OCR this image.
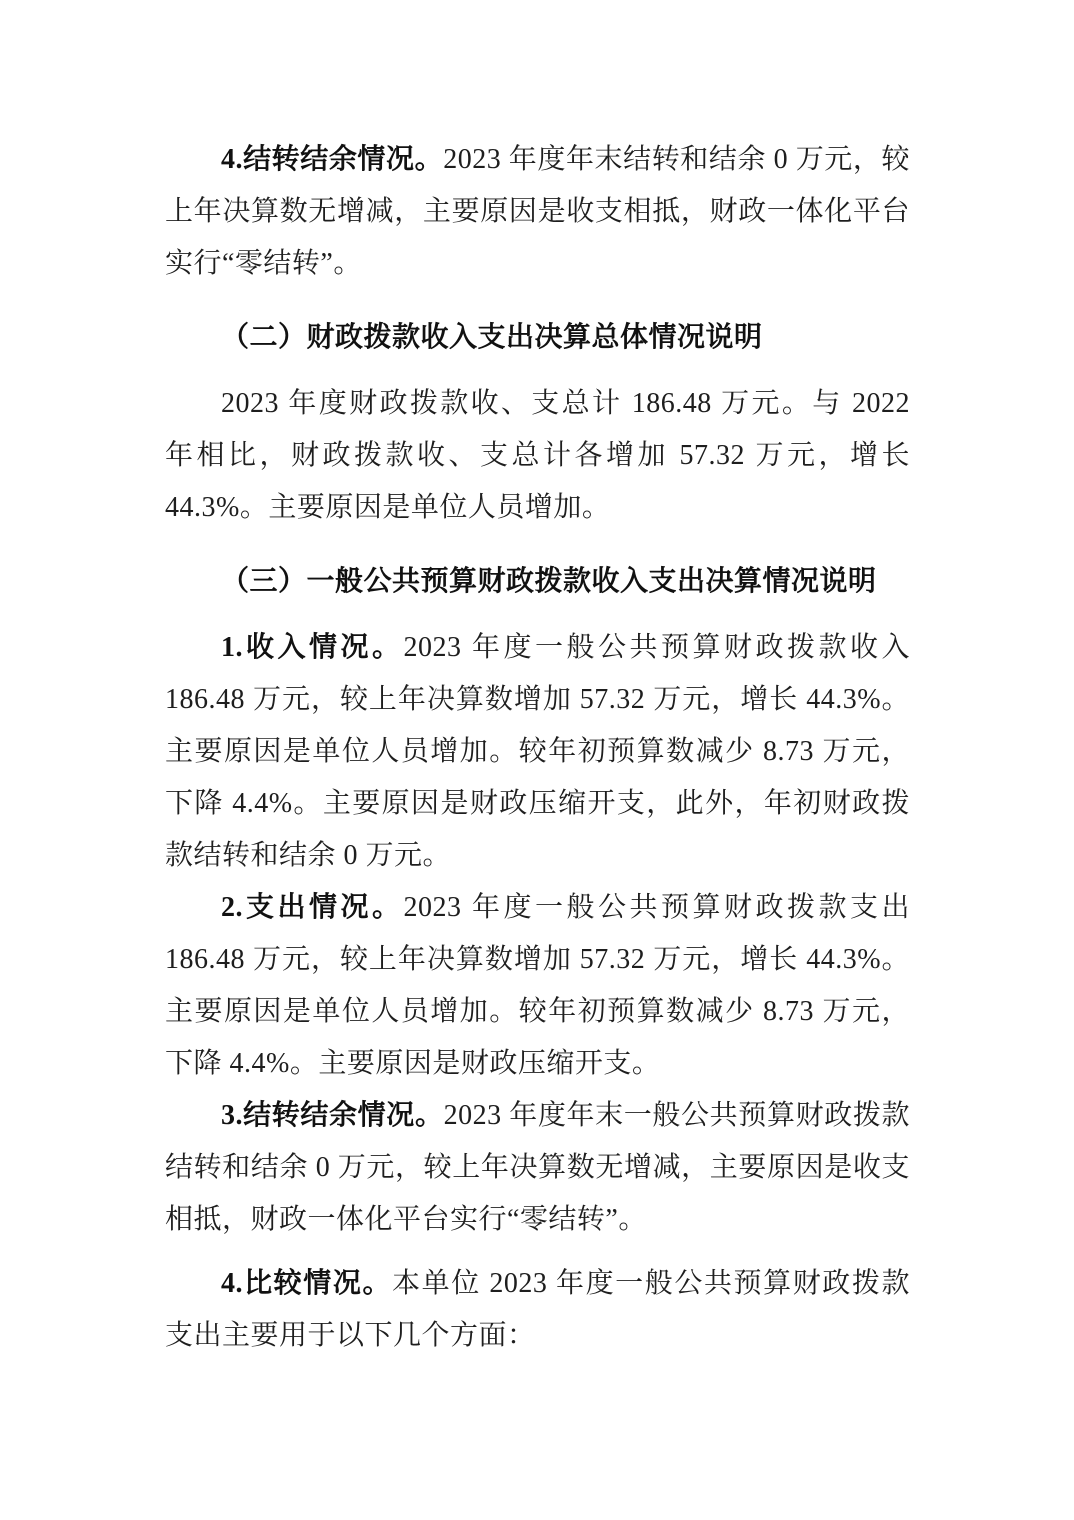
4.结转结余情况。2023 年度年末结转和结余 0 万元，较上年决算数无增减，主要原因是收支相抵，财政一体化平台实行“零结转”。

（二）财政拨款收入支出决算总体情况说明

2023 年度财政拨款收、支总计 186.48 万元。与 2022 年相比，财政拨款收、支总计各增加 57.32 万元，增长 44.3%。主要原因是单位人员增加。

（三）一般公共预算财政拨款收入支出决算情况说明

1.收入情况。2023 年度一般公共预算财政拨款收入 186.48 万元，较上年决算数增加 57.32 万元，增长 44.3%。主要原因是单位人员增加。较年初预算数减少 8.73 万元，下降 4.4%。主要原因是财政压缩开支，此外，年初财政拨款结转和结余 0 万元。

2.支出情况。2023 年度一般公共预算财政拨款支出 186.48 万元，较上年决算数增加 57.32 万元，增长 44.3%。主要原因是单位人员增加。较年初预算数减少 8.73 万元，下降 4.4%。主要原因是财政压缩开支。

3.结转结余情况。2023 年度年末一般公共预算财政拨款结转和结余 0 万元，较上年决算数无增减，主要原因是收支相抵，财政一体化平台实行“零结转”。

4.比较情况。本单位 2023 年度一般公共预算财政拨款支出主要用于以下几个方面：
